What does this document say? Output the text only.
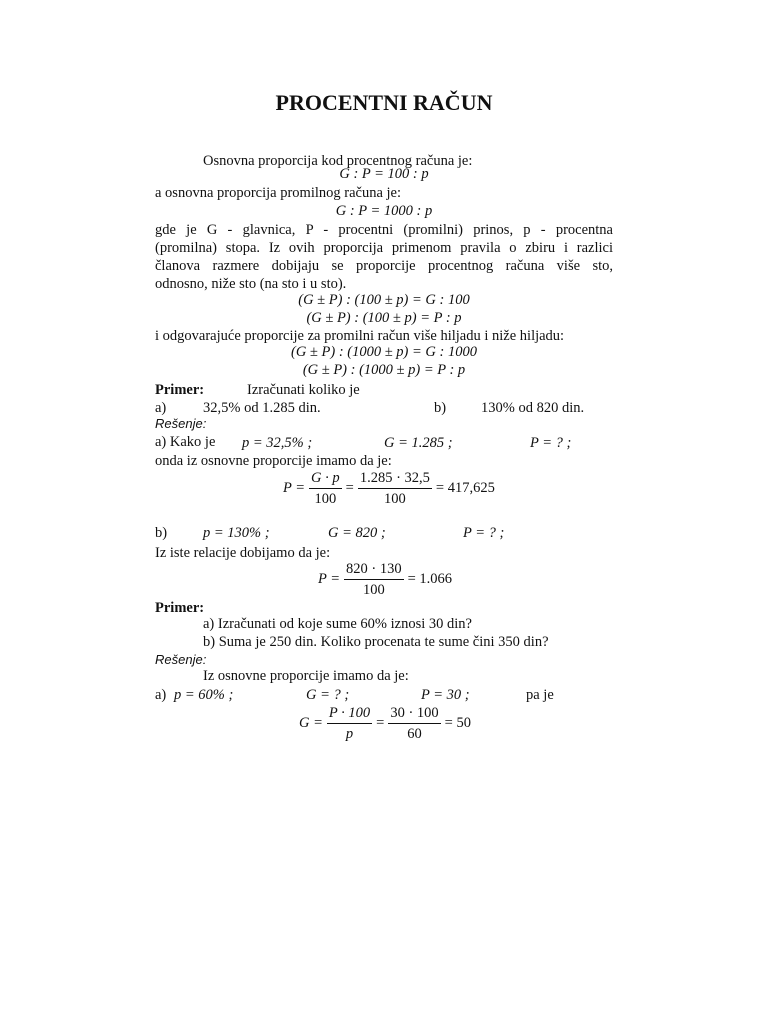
PROCENTNI RAČUN
Osnovna proporcija kod procentnog računa je:
G : P = 100 : p
a osnovna proporcija promilnog računa je:
G : P = 1000 : p
gde je G - glavnica, P - procentni (promilni) prinos, p - procentna
(promilna) stopa. Iz ovih proporcija primenom pravila o zbiru i razlici
članova razmere dobijaju se proporcije procentnog računa više sto,
odnosno, niže sto (na sto i u sto).
(G ± P) : (100 ± p) = G : 100
(G ± P) : (100 ± p) = P : p
i odgovarajuće proporcije za promilni račun više hiljadu i niže hiljadu:
(G ± P) : (1000 ± p) = G : 1000
(G ± P) : (1000 ± p) = P : p
Primer:	Izračunati koliko je
a)	32,5% od 1.285 din.	b) 130% od 820 din.
Rešenje:
a) Kako je p = 32,5% ;	G = 1.285 ;	P = ? ;
onda iz osnovne proporcije imamo da je:
$P = \frac{G \cdot p}{100} = \frac{1.285 \cdot 32,5}{100} = 417,625$
b) p = 130% ;	G = 820 ;	P = ? ;
Iz iste relacije dobijamo da je:
$P = \frac{820 \cdot 130}{100} = 1.066$
Primer:
a) Izračunati od koje sume 60% iznosi 30 din?
b) Suma je 250 din. Koliko procenata te sume čini 350 din?
Rešenje:
Iz osnovne proporcije imamo da je:
a) p = 60% ;	G = ? ;	P = 30 ;	pa je
$G = \frac{P \cdot 100}{p} = \frac{30 \cdot 100}{60} = 50$
